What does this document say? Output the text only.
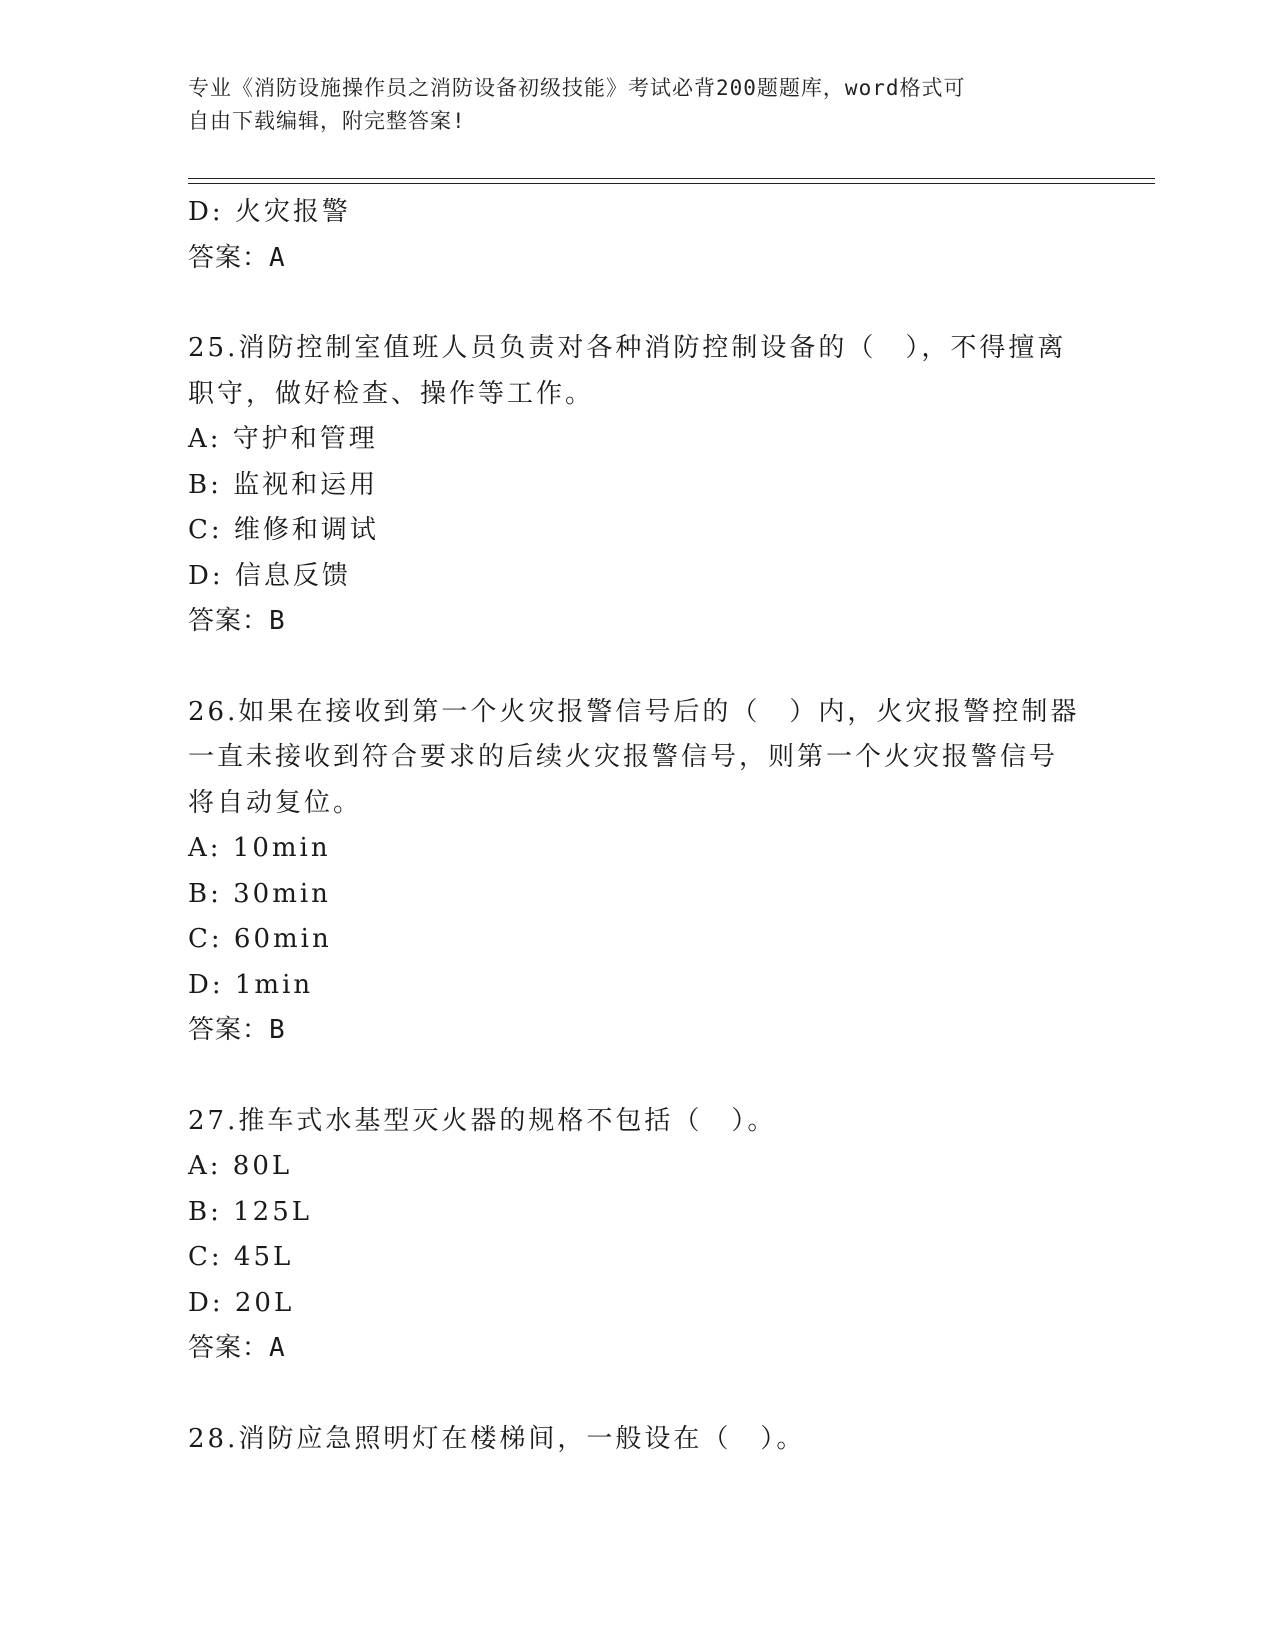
专业《消防设施操作员之消防设备初级技能》考试必背200题题库，word格式可
自由下载编辑，附完整答案!
D: 火灾报警
答案：A
25.消防控制室值班人员负责对各种消防控制设备的（　），不得擅离
职守，做好检查、操作等工作。
A: 守护和管理
B: 监视和运用
C: 维修和调试
D: 信息反馈
答案：B
26.如果在接收到第一个火灾报警信号后的（　）内，火灾报警控制器
一直未接收到符合要求的后续火灾报警信号，则第一个火灾报警信号
将自动复位。
A: 10min
B: 30min
C: 60min
D: 1min
答案：B
27.推车式水基型灭火器的规格不包括（　）。
A: 80L
B: 125L
C: 45L
D: 20L
答案：A
28.消防应急照明灯在楼梯间，一般设在（　）。
